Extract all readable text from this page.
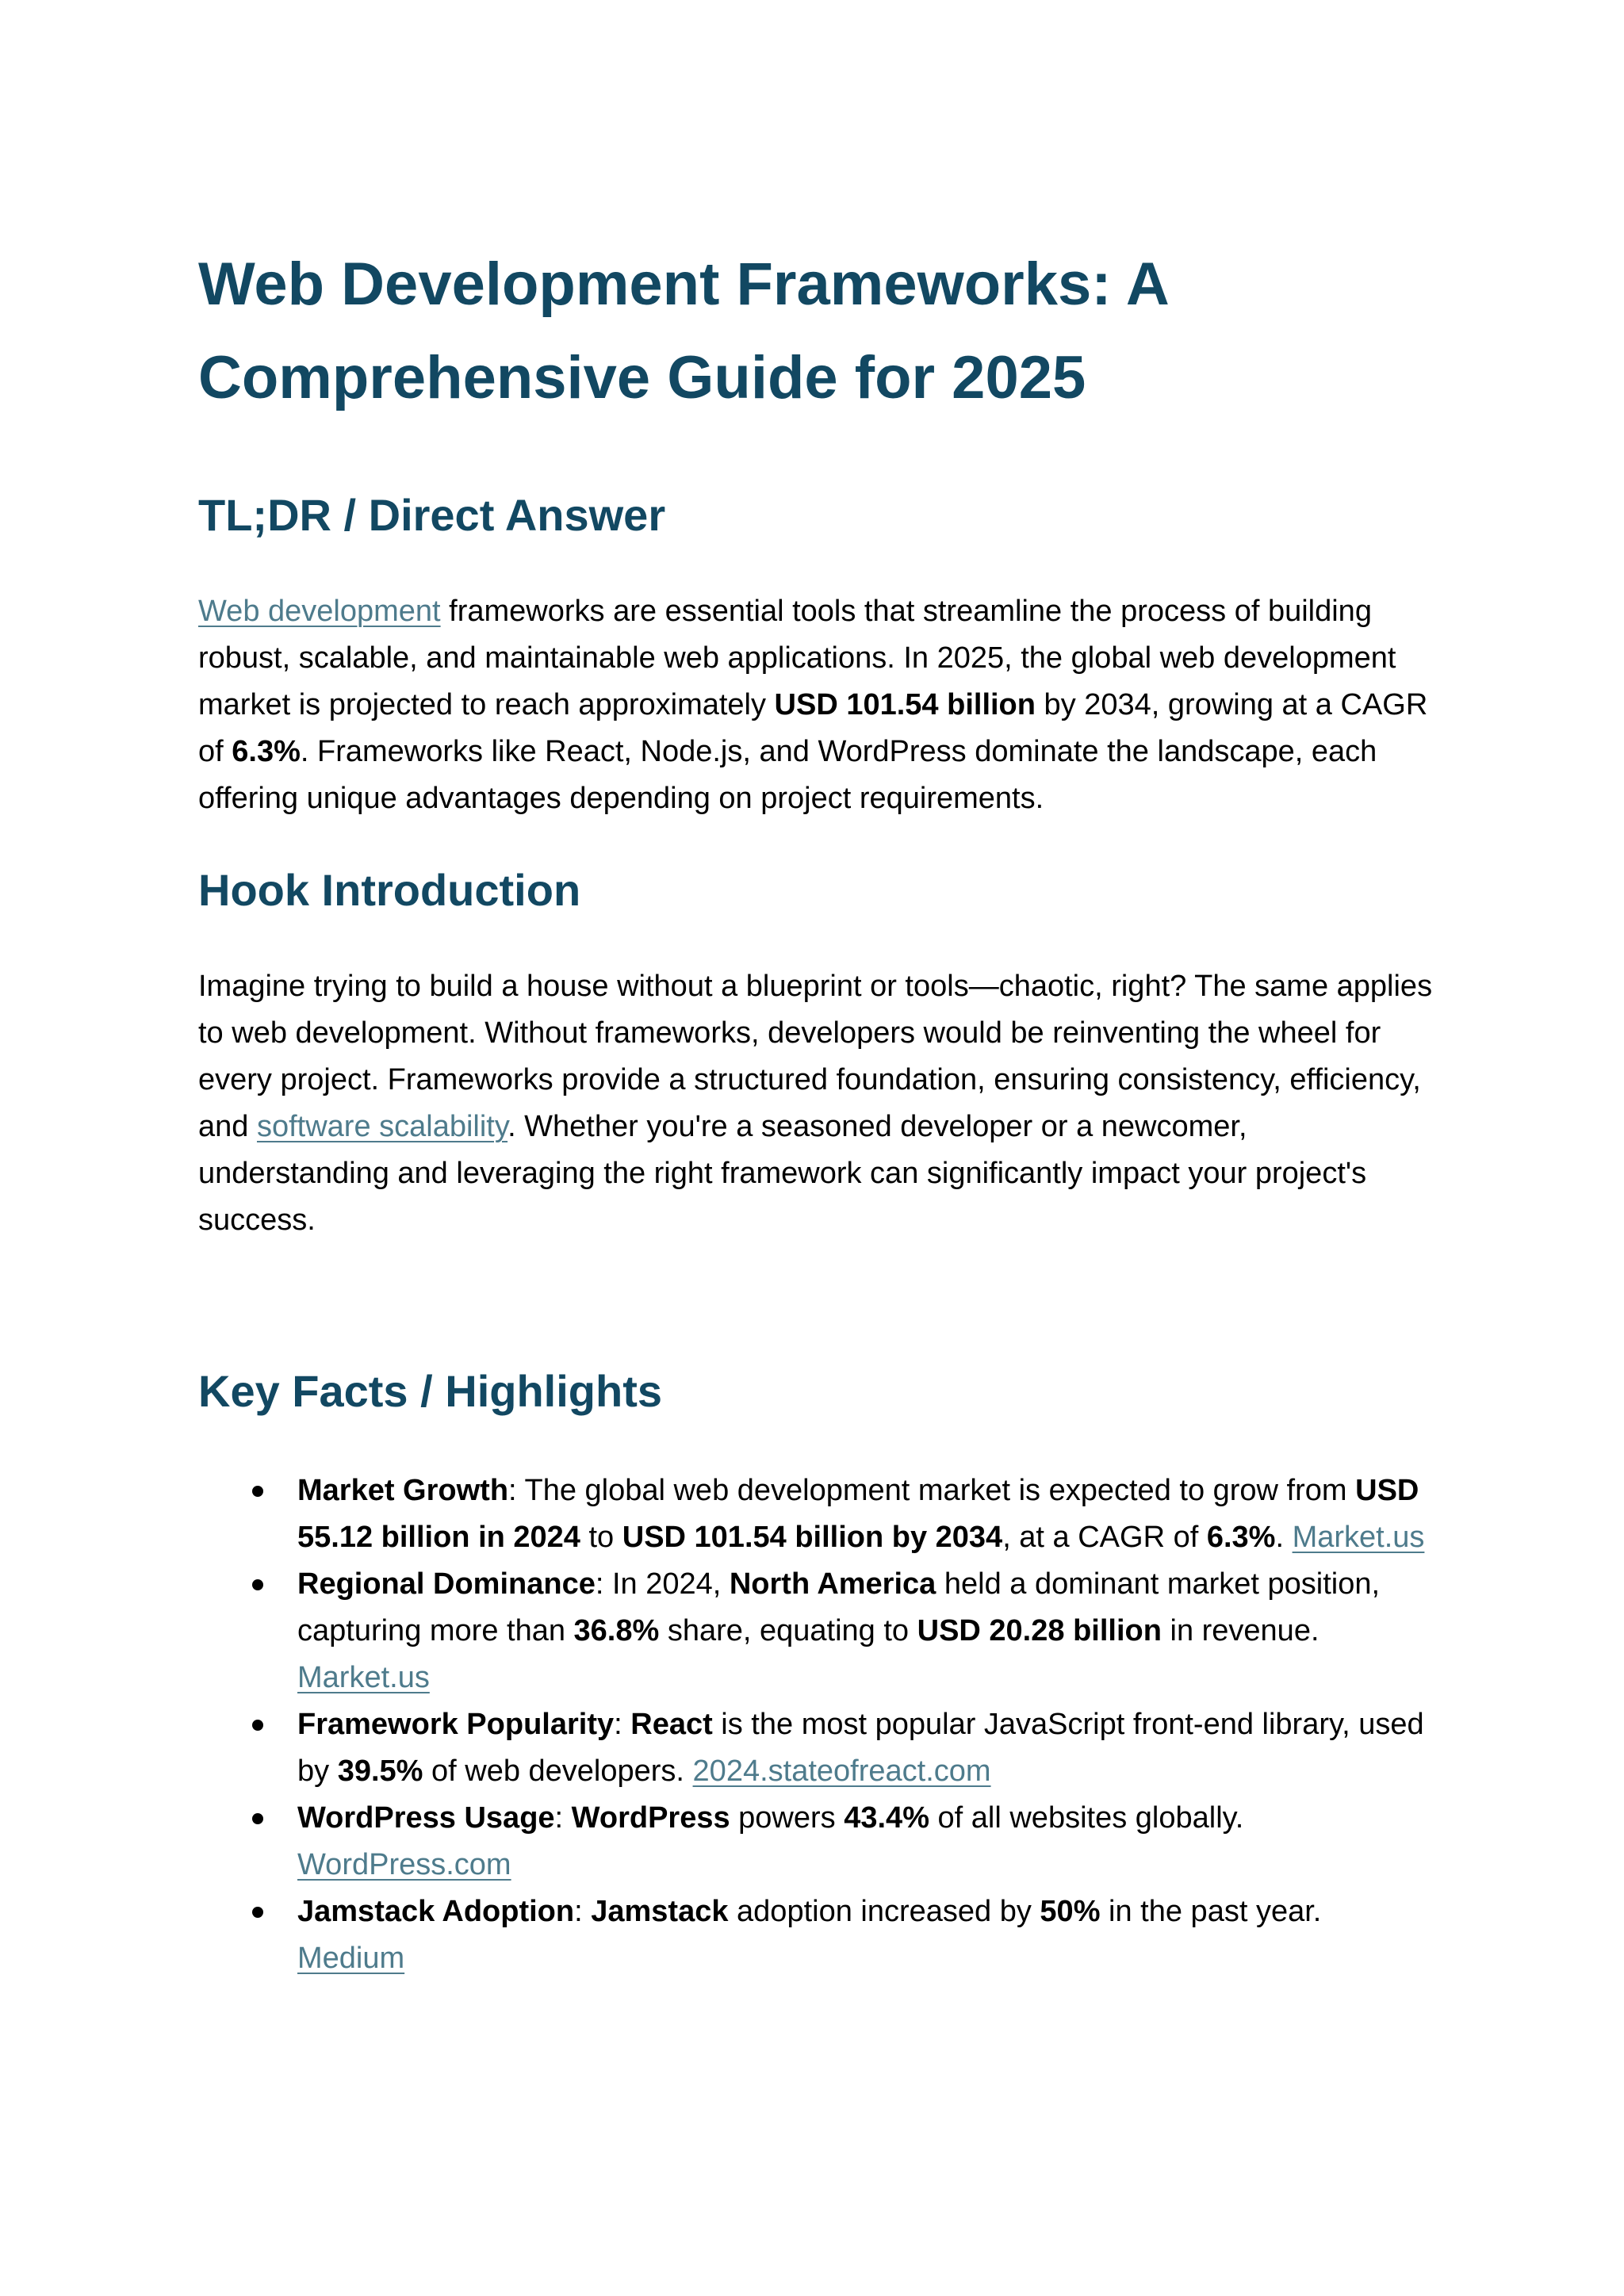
Web Development Frameworks: A Comprehensive Guide for 2025
TL;DR / Direct Answer

Web development frameworks are essential tools that streamline the process of building robust, scalable, and maintainable web applications. In 2025, the global web development market is projected to reach approximately USD 101.54 billion by 2034, growing at a CAGR of 6.3%. Frameworks like React, Node.js, and WordPress dominate the landscape, each offering unique advantages depending on project requirements.

Hook Introduction

Imagine trying to build a house without a blueprint or tools—chaotic, right? The same applies to web development. Without frameworks, developers would be reinventing the wheel for every project. Frameworks provide a structured foundation, ensuring consistency, efficiency, and software scalability. Whether you're a seasoned developer or a newcomer, understanding and leveraging the right framework can significantly impact your project's success.

Key Facts / Highlights
Market Growth: The global web development market is expected to grow from USD 55.12 billion in 2024 to USD 101.54 billion by 2034, at a CAGR of 6.3%. Market.us
Regional Dominance: In 2024, North America held a dominant market position, capturing more than 36.8% share, equating to USD 20.28 billion in revenue. Market.us
Framework Popularity: React is the most popular JavaScript front-end library, used by 39.5% of web developers. 2024.stateofreact.com
WordPress Usage: WordPress powers 43.4% of all websites globally. WordPress.com
Jamstack Adoption: Jamstack adoption increased by 50% in the past year. Medium
